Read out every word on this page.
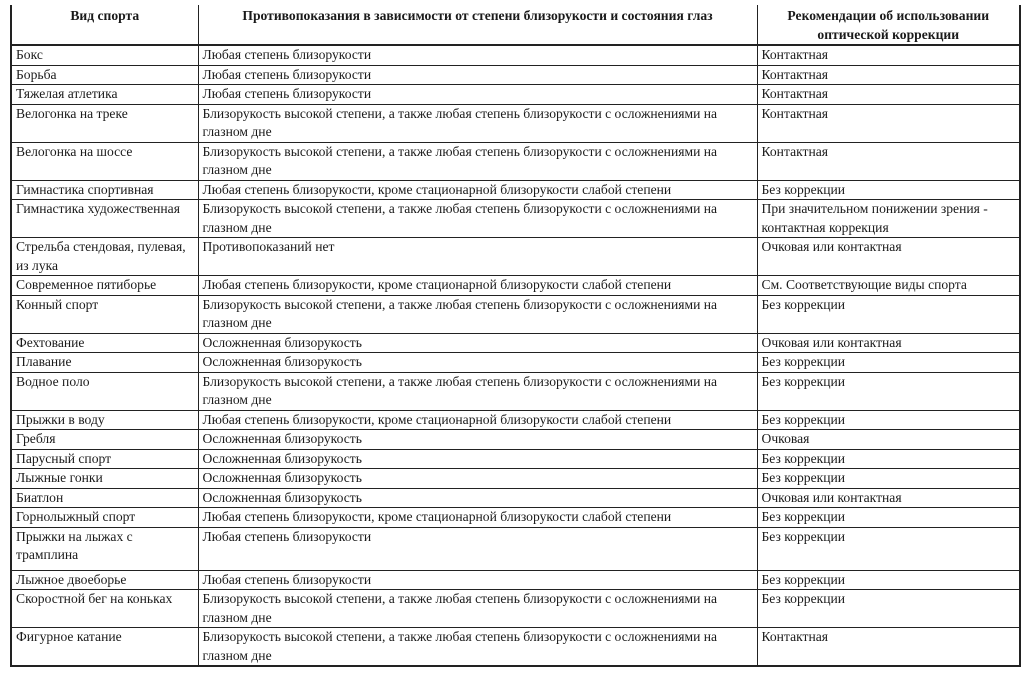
Вид спорта	Противопоказания в зависимости от степени близорукости и состояния глаз	Рекомендации об использовании оптической коррекции
Бокс	Любая степень близорукости	Контактная
Борьба	Любая степень близорукости	Контактная
Тяжелая атлетика	Любая степень близорукости	Контактная
Велогонка на треке	Близорукость высокой степени, а также любая степень близорукости с осложнениями на глазном дне	Контактная
Велогонка на шоссе	Близорукость высокой степени, а также любая степень близорукости с осложнениями на глазном дне	Контактная
Гимнастика спортивная	Любая степень близорукости, кроме стационарной близорукости слабой степени	Без коррекции
Гимнастика художественная	Близорукость высокой степени, а также любая степень близорукости с осложнениями на глазном дне	При значительном понижении зрения - контактная коррекция
Стрельба стендовая, пулевая, из лука	Противопоказаний нет	Очковая или контактная
Современное пятиборье	Любая степень близорукости, кроме стационарной близорукости слабой степени	См. Соответствующие виды спорта
Конный спорт	Близорукость высокой степени, а также любая степень близорукости с осложнениями на глазном дне	Без коррекции
Фехтование	Осложненная близорукость	Очковая или контактная
Плавание	Осложненная близорукость	Без коррекции
Водное поло	Близорукость высокой степени, а также любая степень близорукости с осложнениями на глазном дне	Без коррекции
Прыжки в воду	Любая степень близорукости, кроме стационарной близорукости слабой степени	Без коррекции
Гребля	Осложненная близорукость	Очковая
Парусный спорт	Осложненная близорукость	Без коррекции
Лыжные гонки	Осложненная близорукость	Без коррекции
Биатлон	Осложненная близорукость	Очковая или контактная
Горнолыжный спорт	Любая степень близорукости, кроме стационарной близорукости слабой степени	Без коррекции
Прыжки на лыжах с трамплина	Любая степень близорукости	Без коррекции
Лыжное двоеборье	Любая степень близорукости	Без коррекции
Скоростной бег на коньках	Близорукость высокой степени, а также любая степень близорукости с осложнениями на глазном дне	Без коррекции
Фигурное катание	Близорукость высокой степени, а также любая степень близорукости с осложнениями на глазном дне	Контактная
